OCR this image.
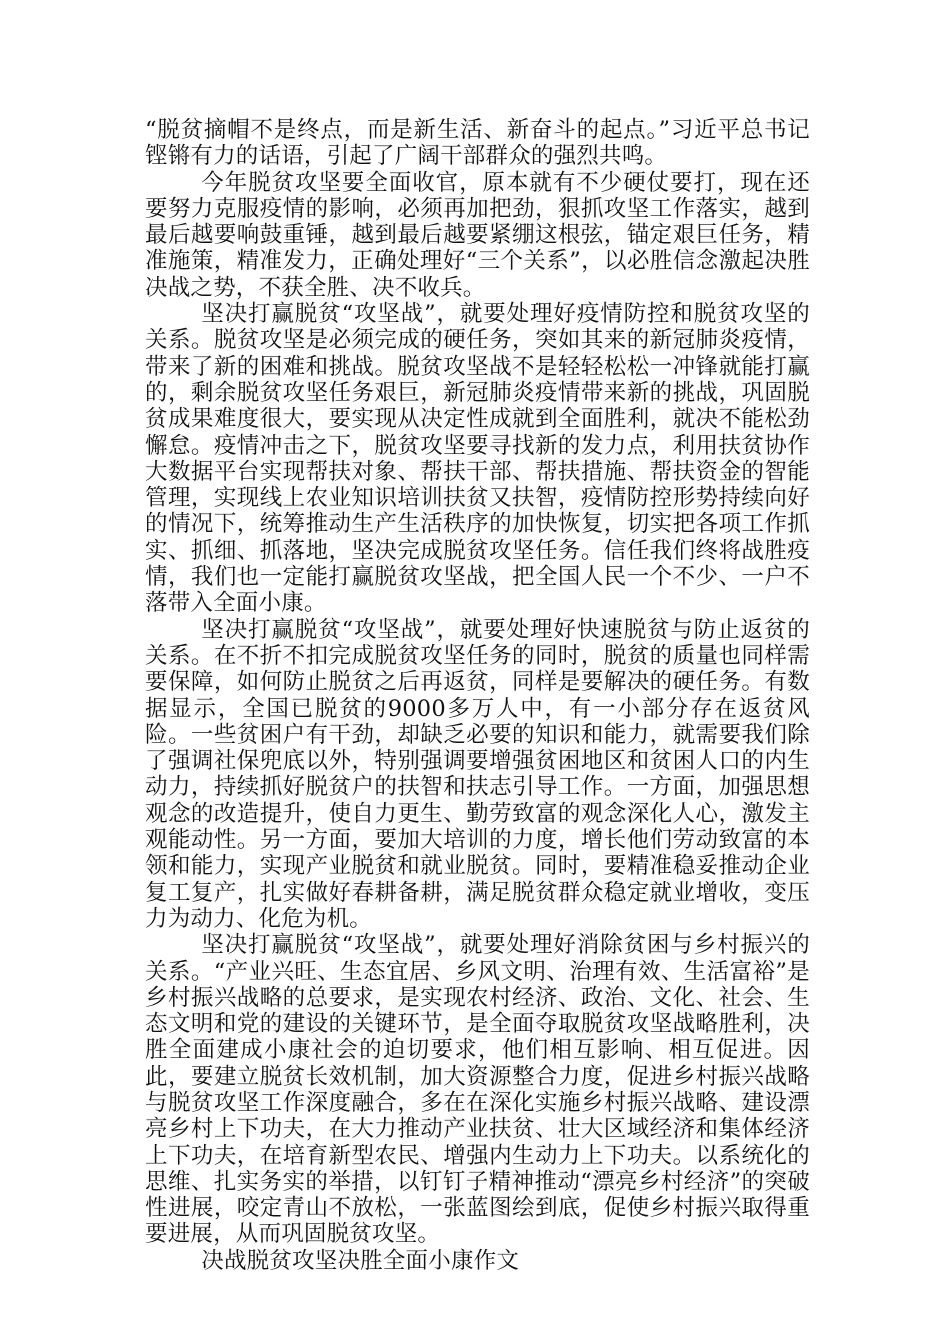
“脱贫摘帽不是终点，而是新生活、新奋斗的起点。”习近平总书记铿锵有力的话语，引起了广阔干部群众的强烈共鸣。

今年脱贫攻坚要全面收官，原本就有不少硬仗要打，现在还要努力克服疫情的影响，必须再加把劲，狠抓攻坚工作落实，越到最后越要响鼓重锤，越到最后越要紧绷这根弦，锚定艰巨任务，精准施策，精准发力，正确处理好“三个关系”，以必胜信念激起决胜决战之势，不获全胜、决不收兵。

坚决打赢脱贫“攻坚战”，就要处理好疫情防控和脱贫攻坚的关系。脱贫攻坚是必须完成的硬任务，突如其来的新冠肺炎疫情，带来了新的困难和挑战。脱贫攻坚战不是轻轻松松一冲锋就能打赢的，剩余脱贫攻坚任务艰巨，新冠肺炎疫情带来新的挑战，巩固脱贫成果难度很大，要实现从决定性成就到全面胜利，就决不能松劲懈怠。疫情冲击之下，脱贫攻坚要寻找新的发力点，利用扶贫协作大数据平台实现帮扶对象、帮扶干部、帮扶措施、帮扶资金的智能管理，实现线上农业知识培训扶贫又扶智，疫情防控形势持续向好的情况下，统筹推动生产生活秩序的加快恢复，切实把各项工作抓实、抓细、抓落地，坚决完成脱贫攻坚任务。信任我们终将战胜疫情，我们也一定能打赢脱贫攻坚战，把全国人民一个不少、一户不落带入全面小康。

坚决打赢脱贫“攻坚战”，就要处理好快速脱贫与防止返贫的关系。在不折不扣完成脱贫攻坚任务的同时，脱贫的质量也同样需要保障，如何防止脱贫之后再返贫，同样是要解决的硬任务。有数据显示，全国已脱贫的9000多万人中，有一小部分存在返贫风险。一些贫困户有干劲，却缺乏必要的知识和能力，就需要我们除了强调社保兜底以外，特别强调要增强贫困地区和贫困人口的内生动力，持续抓好脱贫户的扶智和扶志引导工作。一方面，加强思想观念的改造提升，使自力更生、勤劳致富的观念深化人心，激发主观能动性。另一方面，要加大培训的力度，增长他们劳动致富的本领和能力，实现产业脱贫和就业脱贫。同时，要精准稳妥推动企业复工复产，扎实做好春耕备耕，满足脱贫群众稳定就业增收，变压力为动力、化危为机。

坚决打赢脱贫“攻坚战”，就要处理好消除贫困与乡村振兴的关系。“产业兴旺、生态宜居、乡风文明、治理有效、生活富裕”是乡村振兴战略的总要求，是实现农村经济、政治、文化、社会、生态文明和党的建设的关键环节，是全面夺取脱贫攻坚战略胜利，决胜全面建成小康社会的迫切要求，他们相互影响、相互促进。因此，要建立脱贫长效机制，加大资源整合力度，促进乡村振兴战略与脱贫攻坚工作深度融合，多在在深化实施乡村振兴战略、建设漂亮乡村上下功夫，在大力推动产业扶贫、壮大区域经济和集体经济上下功夫，在培育新型农民、增强内生动力上下功夫。以系统化的思维、扎实务实的举措，以钉钉子精神推动“漂亮乡村经济”的突破性进展，咬定青山不放松，一张蓝图绘到底，促使乡村振兴取得重要进展，从而巩固脱贫攻坚。

决战脱贫攻坚决胜全面小康作文
